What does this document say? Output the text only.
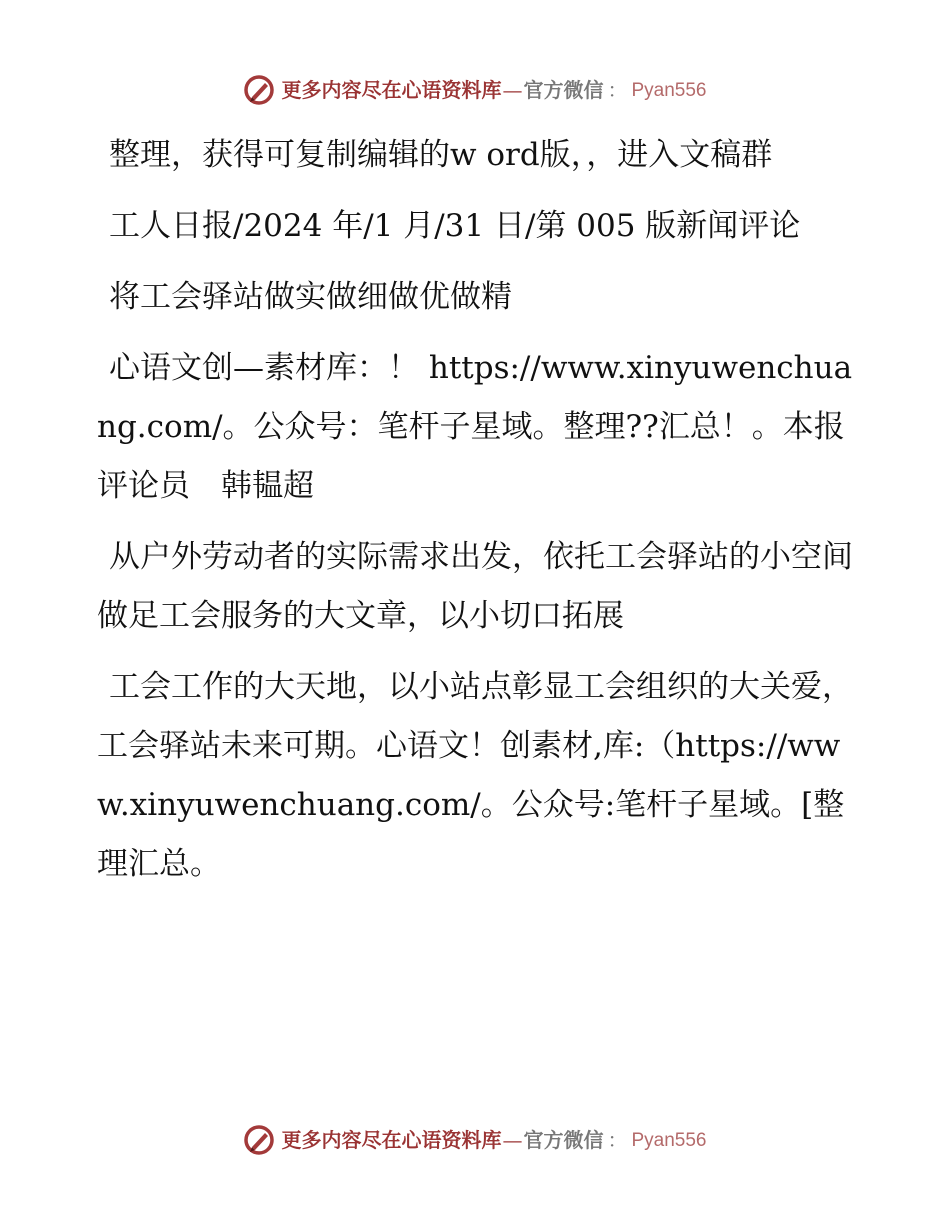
更多内容尽在心语资料库 — 官方微信 ： Pyan556

整理，获得可复制编辑的w ord版，，进入文稿群

工人日报/2024 年/1 月/31 日/第 005 版新闻评论

将工会驿站做实做细做优做精

心语文创—素材库：！ https://www.xinyuwenchuang.com/。公众号：笔杆子星域。整理??汇总！。本报评论员　韩韫超

从户外劳动者的实际需求出发，依托工会驿站的小空间做足工会服务的大文章，以小切口拓展

工会工作的大天地，以小站点彰显工会组织的大关爱，工会驿站未来可期。心语文！创素材,库:（https://www.xinyuwenchuang.com/。公众号:笔杆子星域。[整理汇总。

更多内容尽在心语资料库 — 官方微信 ： Pyan556
